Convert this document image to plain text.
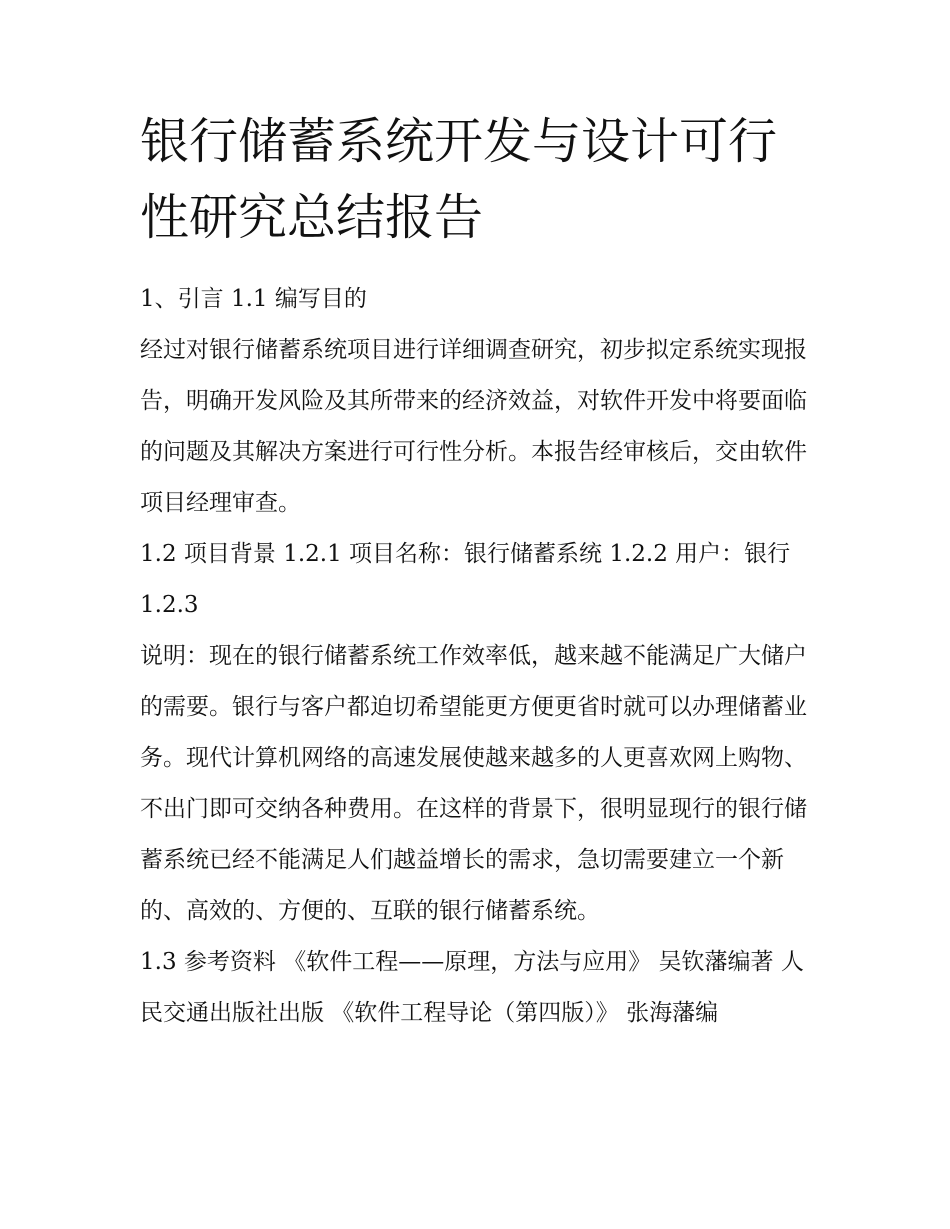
银行储蓄系统开发与设计可行性研究总结报告

1、引言 1.1 编写目的

经过对银行储蓄系统项目进行详细调查研究，初步拟定系统实现报告，明确开发风险及其所带来的经济效益，对软件开发中将要面临的问题及其解决方案进行可行性分析。本报告经审核后，交由软件项目经理审查。

1.2 项目背景 1.2.1 项目名称：银行储蓄系统 1.2.2 用户：银行 1.2.3

说明：现在的银行储蓄系统工作效率低，越来越不能满足广大储户的需要。银行与客户都迫切希望能更方便更省时就可以办理储蓄业务。现代计算机网络的高速发展使越来越多的人更喜欢网上购物、不出门即可交纳各种费用。在这样的背景下，很明显现行的银行储蓄系统已经不能满足人们越益增长的需求，急切需要建立一个新的、高效的、方便的、互联的银行储蓄系统。

1.3 参考资料 《软件工程——原理，方法与应用》 吴钦藩编著 人民交通出版社出版 《软件工程导论（第四版）》 张海藩编
